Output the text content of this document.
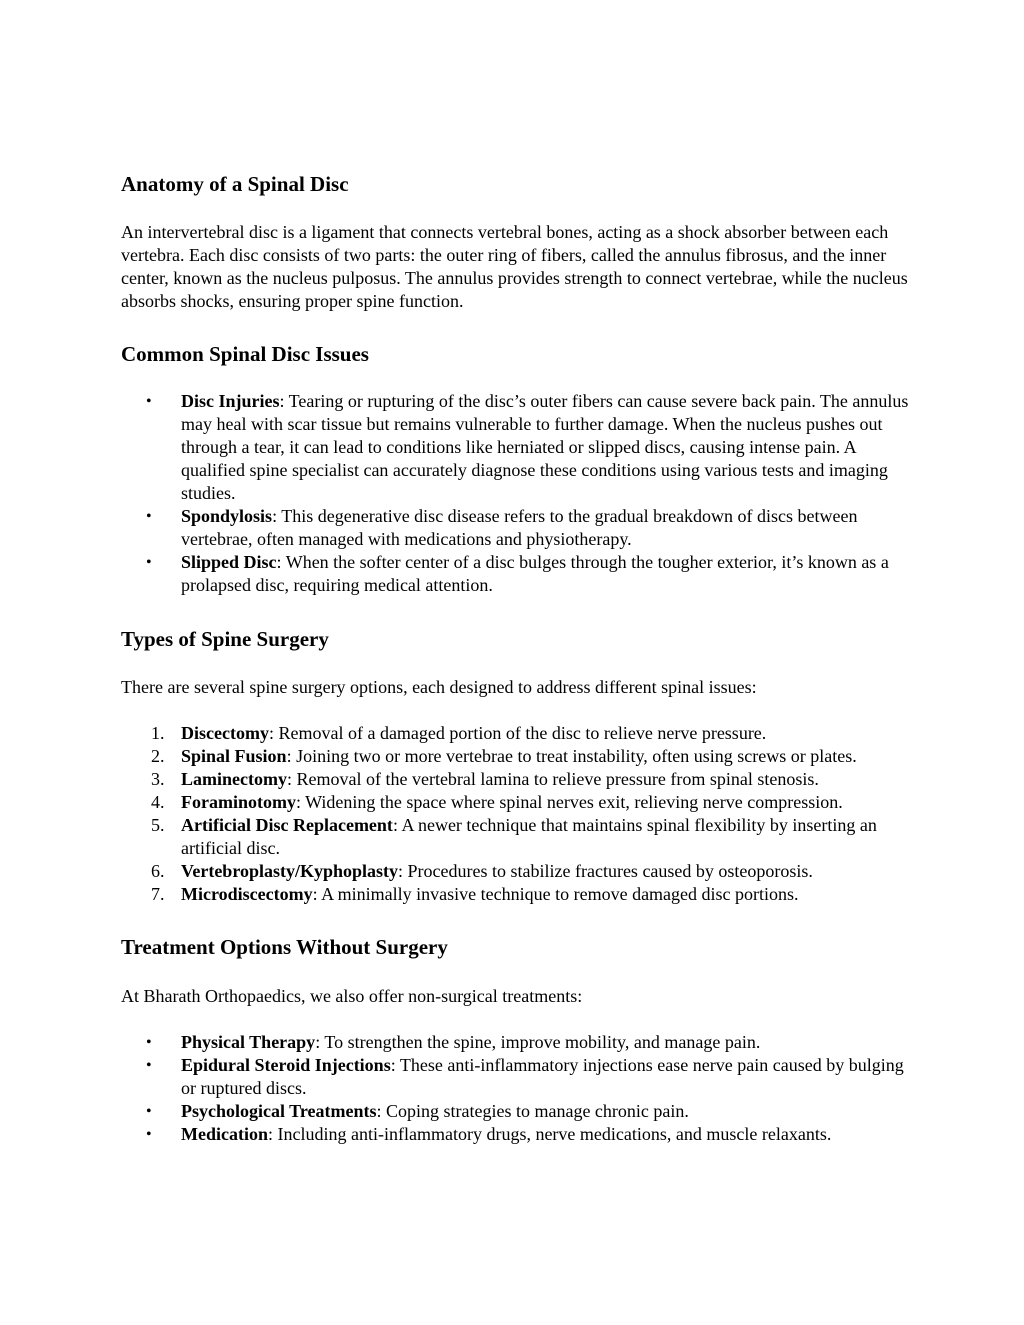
Anatomy of a Spinal Disc

An intervertebral disc is a ligament that connects vertebral bones, acting as a shock absorber between each vertebra. Each disc consists of two parts: the outer ring of fibers, called the annulus fibrosus, and the inner center, known as the nucleus pulposus. The annulus provides strength to connect vertebrae, while the nucleus absorbs shocks, ensuring proper spine function.

Common Spinal Disc Issues
•	Disc Injuries: Tearing or rupturing of the disc’s outer fibers can cause severe back pain. The annulus may heal with scar tissue but remains vulnerable to further damage. When the nucleus pushes out through a tear, it can lead to conditions like herniated or slipped discs, causing intense pain. A qualified spine specialist can accurately diagnose these conditions using various tests and imaging studies.
•	Spondylosis: This degenerative disc disease refers to the gradual breakdown of discs between vertebrae, often managed with medications and physiotherapy.
•	Slipped Disc: When the softer center of a disc bulges through the tougher exterior, it’s known as a prolapsed disc, requiring medical attention.
Types of Spine Surgery

There are several spine surgery options, each designed to address different spinal issues:

1. Discectomy: Removal of a damaged portion of the disc to relieve nerve pressure.
2. Spinal Fusion: Joining two or more vertebrae to treat instability, often using screws or plates.
3. Laminectomy: Removal of the vertebral lamina to relieve pressure from spinal stenosis.
4. Foraminotomy: Widening the space where spinal nerves exit, relieving nerve compression.
5. Artificial Disc Replacement: A newer technique that maintains spinal flexibility by inserting an artificial disc.
6. Vertebroplasty/Kyphoplasty: Procedures to stabilize fractures caused by osteoporosis.
7. Microdiscectomy: A minimally invasive technique to remove damaged disc portions.
Treatment Options Without Surgery

At Bharath Orthopaedics, we also offer non-surgical treatments:

•	Physical Therapy: To strengthen the spine, improve mobility, and manage pain.
•	Epidural Steroid Injections: These anti-inflammatory injections ease nerve pain caused by bulging or ruptured discs.
•	Psychological Treatments: Coping strategies to manage chronic pain.
•	Medication: Including anti-inflammatory drugs, nerve medications, and muscle relaxants.
